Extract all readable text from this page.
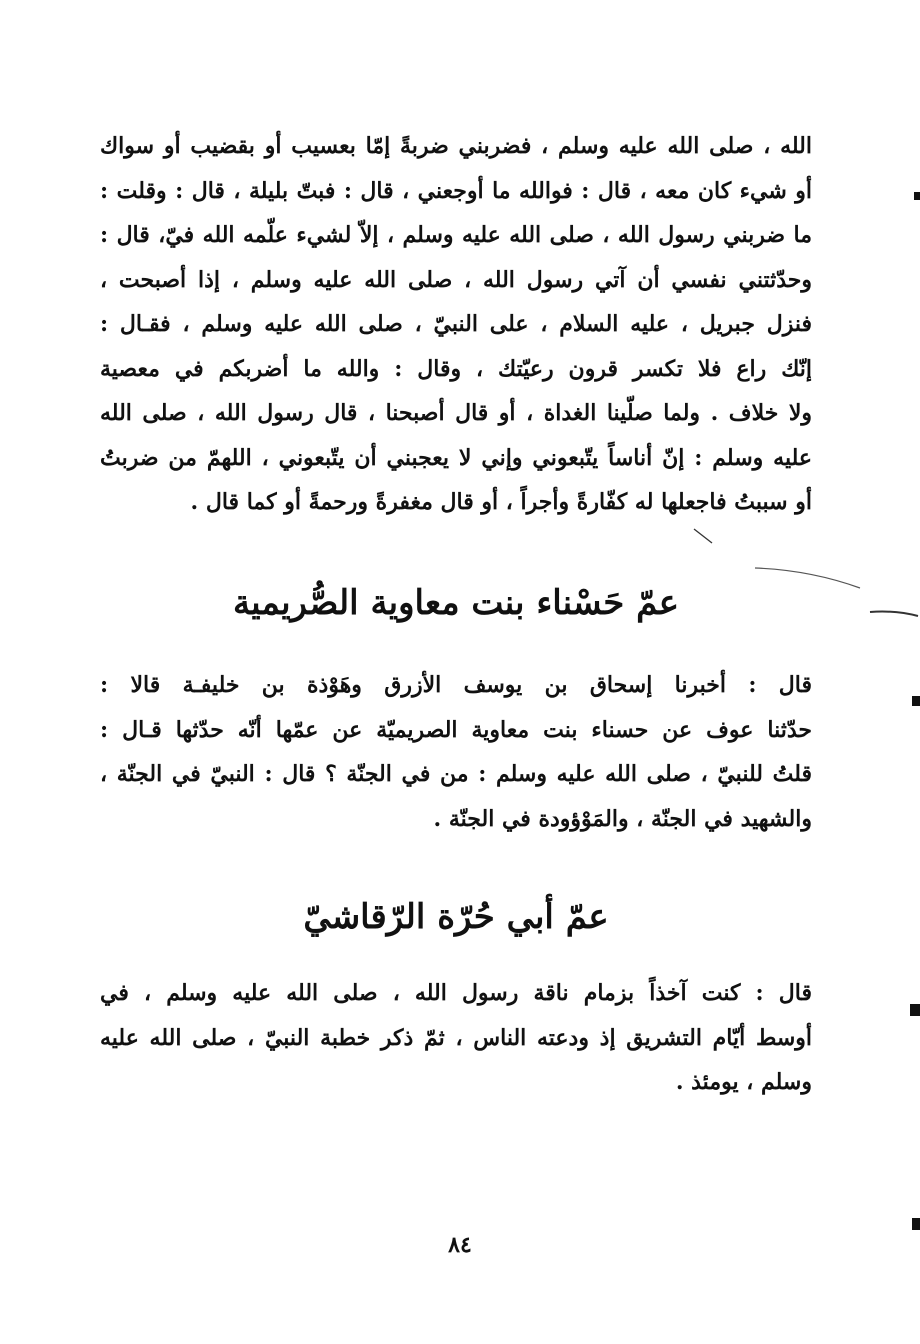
الله ، صلى الله عليه وسلم ، فضربني ضربةً إمّا بعسيب أو بقضيب أو سواك
أو شيء كان معه ، قال : فوالله ما أوجعني ، قال : فبتّ بليلة ، قال : وقلت :
ما ضربني رسول الله ، صلى الله عليه وسلم ، إلاّ لشيء علّمه الله فيّ، قال :
وحدّثتني نفسي أن آتي رسول الله ، صلى الله عليه وسلم ، إذا أصبحت ،
فنزل جبريل ، عليه السلام ، على النبيّ ، صلى الله عليه وسلم ، فقـال :
إنّك راع فلا تكسر قرون رعيّتك ، وقال : والله ما أضربكم في معصية
ولا خلاف . ولما صلّينا الغداة ، أو قال أصبحنا ، قال رسول الله ، صلى الله
عليه وسلم : إنّ أناساً يتّبعوني وإني لا يعجبني أن يتّبعوني ، اللهمّ من ضربتُ
أو سببتُ فاجعلها له كفّارةً وأجراً ، أو قال مغفرةً ورحمةً أو كما قال .
عمّ حَسْناء بنت معاوية الصُّريمية
قال : أخبرنا إسحاق بن يوسف الأزرق وهَوْذة بن خليفـة قالا :
حدّثنا عوف عن حسناء بنت معاوية الصريميّة عن عمّها أنّه حدّثها قـال :
قلتُ للنبيّ ، صلى الله عليه وسلم : من في الجنّة ؟ قال : النبيّ في الجنّة ،
والشهيد في الجنّة ، والمَوْؤودة في الجنّة .
عمّ أبي حُرّة الرّقاشيّ
قال : كنت آخذاً بزمام ناقة رسول الله ، صلى الله عليه وسلم ، في
أوسط أيّام التشريق إذ ودعته الناس ، ثمّ ذكر خطبة النبيّ ، صلى الله عليه
وسلم ، يومئذ .
٨٤
